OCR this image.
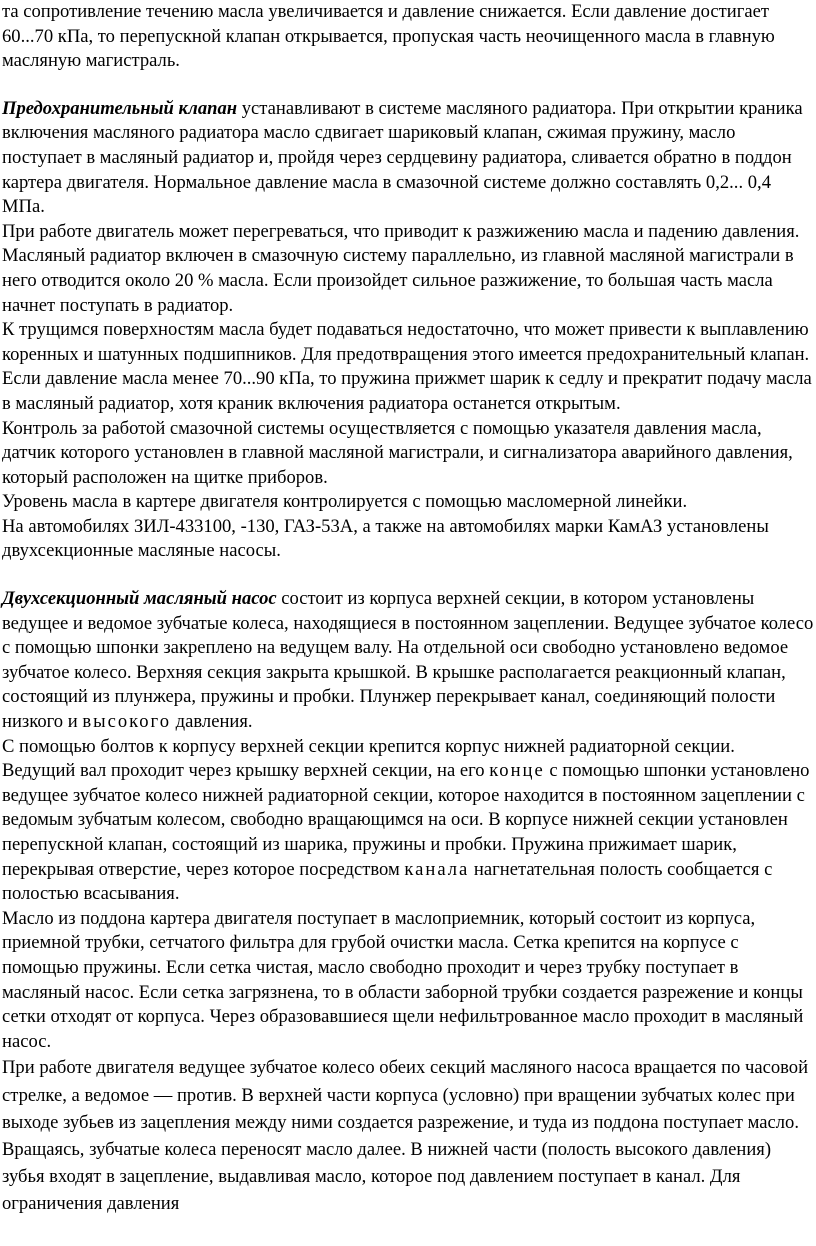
та сопротивление течению масла увеличивается и давление снижается. Если давление достигает 60...70 кПа, то перепускной клапан открывается, пропуская часть неочищенного масла в главную масляную магистраль.

Предохранительный клапан устанавливают в системе масляного радиатора. При открытии краника включения масляного радиатора масло сдвигает шариковый клапан, сжимая пружину, масло поступает в масляный радиатор и, пройдя через сердцевину радиатора, сливается обратно в поддон картера двигателя. Нормальное давление масла в смазочной системе должно составлять 0,2... 0,4 МПа.

При работе двигатель может перегреваться, что приводит к разжижению масла и падению давления. Масляный радиатор включен в смазочную систему параллельно, из главной масляной магистрали в него отводится около 20 % масла. Если произойдет сильное разжижение, то большая часть масла начнет поступать в радиатор.

К трущимся поверхностям масла будет подаваться недостаточно, что может привести к выплавлению коренных и шатунных подшипников. Для предотвращения этого имеется предохранительный клапан. Если давление масла менее 70...90 кПа, то пружина прижмет шарик к седлу и прекратит подачу масла в масляный радиатор, хотя краник включения радиатора останется открытым.

Контроль за работой смазочной системы осуществляется с помощью указателя давления масла, датчик которого установлен в главной масляной магистрали, и сигнализатора аварийного давления, который расположен на щитке приборов.

Уровень масла в картере двигателя контролируется с помощью масломерной линейки.

На автомобилях ЗИЛ-433100, -130, ГАЗ-53А, а также на автомобилях марки КамАЗ установлены двухсекционные масляные насосы.

Двухсекционный масляный насос состоит из корпуса верхней секции, в котором установлены ведущее и ведомое зубчатые колеса, находящиеся в постоянном зацеплении. Ведущее зубчатое колесо с помощью шпонки закреплено на ведущем валу. На отдельной оси свободно установлено ведомое зубчатое колесо. Верхняя секция закрыта крышкой. В крышке располагается реакционный клапан, состоящий из плунжера, пружины и пробки. Плунжер перекрывает канал, соединяющий полости низкого и высокого давления.

С помощью болтов к корпусу верхней секции крепится корпус нижней радиаторной секции.

Ведущий вал проходит через крышку верхней секции, на его конце с помощью шпонки установлено ведущее зубчатое колесо нижней радиаторной секции, которое находится в постоянном зацеплении с ведомым зубчатым колесом, свободно вращающимся на оси. В корпусе нижней секции установлен перепускной клапан, состоящий из шарика, пружины и пробки. Пружина прижимает шарик, перекрывая отверстие, через которое посредством канала нагнетательная полость сообщается с полостью всасывания.

Масло из поддона картера двигателя поступает в маслоприемник, который состоит из корпуса, приемной трубки, сетчатого фильтра для грубой очистки масла. Сетка крепится на корпусе с помощью пружины. Если сетка чистая, масло свободно проходит и через трубку поступает в масляный насос. Если сетка загрязнена, то в области заборной трубки создается разрежение и концы сетки отходят от корпуса. Через образовавшиеся щели нефильтрованное масло проходит в масляный насос.

При работе двигателя ведущее зубчатое колесо обеих секций масляного насоса вращается по часовой стрелке, а ведомое — против. В верхней части корпуса (условно) при вращении зубчатых колес при выходе зубьев из зацепления между ними создается разрежение, и туда из поддона поступает масло. Вращаясь, зубчатые колеса переносят масло далее. В нижней части (полость высокого давления) зубья входят в зацепление, выдавливая масло, которое под давлением поступает в канал. Для ограничения давления
